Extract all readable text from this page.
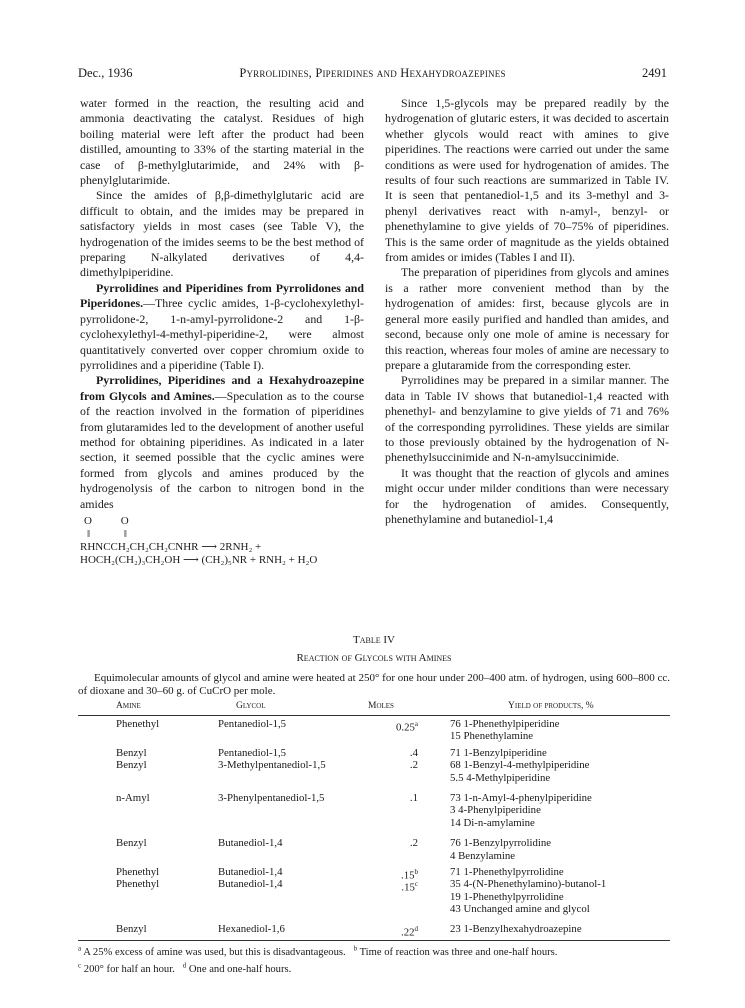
Dec., 1936	Pyrrolidines, Piperidines and Hexahydroazepines	2491

water formed in the reaction, the resulting acid and ammonia deactivating the catalyst. Residues of high boiling material were left after the product had been distilled, amounting to 33% of the starting material in the case of β-methylglutarimide, and 24% with β-phenylglutarimide.

Since the amides of β,β-dimethylglutaric acid are difficult to obtain, and the imides may be prepared in satisfactory yields in most cases (see Table V), the hydrogenation of the imides seems to be the best method of preparing N-alkylated derivatives of 4,4-dimethylpiperidine.

Pyrrolidines and Piperidines from Pyrrolidones and Piperidones.—Three cyclic amides, 1-β-cyclohexylethyl-pyrrolidone-2, 1-n-amyl-pyrrolidone-2 and 1-β-cyclohexylethyl-4-methyl-piperidine-2, were almost quantitatively converted over copper chromium oxide to pyrrolidines and a piperidine (Table I).

Pyrrolidines, Piperidines and a Hexahydroazepine from Glycols and Amines.—Speculation as to the course of the reaction involved in the formation of piperidines from glutaramides led to the development of another useful method for obtaining piperidines. As indicated in a later section, it seemed possible that the cyclic amines were formed from glycols and amines produced by the hydrogenolysis of the carbon to nitrogen bond in the amides

O O
‖ ‖
RHNCCH₂CH₂CH₂CNHR ⟶ 2RNH₂ +
HOCH₂(CH₂)₃CH₂OH ⟶ (CH₂)₅NR + RNH₂ + H₂O

Since 1,5-glycols may be prepared readily by the hydrogenation of glutaric esters, it was decided to ascertain whether glycols would react with amines to give piperidines. The reactions were carried out under the same conditions as were used for hydrogenation of amides. The results of four such reactions are summarized in Table IV. It is seen that pentanediol-1,5 and its 3-methyl and 3-phenyl derivatives react with n-amyl-, benzyl- or phenethylamine to give yields of 70–75% of piperidines. This is the same order of magnitude as the yields obtained from amides or imides (Tables I and II).

The preparation of piperidines from glycols and amines is a rather more convenient method than by the hydrogenation of amides: first, because glycols are in general more easily purified and handled than amides, and second, because only one mole of amine is necessary for this reaction, whereas four moles of amine are necessary to prepare a glutaramide from the corresponding ester.

Pyrrolidines may be prepared in a similar manner. The data in Table IV shows that butanediol-1,4 reacted with phenethyl- and benzylamine to give yields of 71 and 76% of the corresponding pyrrolidines. These yields are similar to those previously obtained by the hydrogenation of N-phenethylsuccinimide and N-n-amylsuccinimide.

It was thought that the reaction of glycols and amines might occur under milder conditions than were necessary for the hydrogenation of amides. Consequently, phenethylamine and butanediol-1,4

Table IV
Reaction of Glycols with Amines
Equimolecular amounts of glycol and amine were heated at 250° for one hour under 200–400 atm. of hydrogen, using 600–800 cc. of dioxane and 30–60 g. of CuCrO per mole.
Amine	Glycol	Moles	Yield of products, %
Phenethyl	Pentanediol-1,5	0.25$^a$	76 1-Phenethylpiperidine
15 Phenethylamine
Benzyl	Pentanediol-1,5	.4	71 1-Benzylpiperidine
Benzyl	3-Methylpentanediol-1,5	.2	68 1-Benzyl-4-methylpiperidine
5.5 4-Methylpiperidine
n-Amyl	3-Phenylpentanediol-1,5	.1	73 1-n-Amyl-4-phenylpiperidine
3 4-Phenylpiperidine
14 Di-n-amylamine
Benzyl	Butanediol-1,4	.2	76 1-Benzylpyrrolidine
4 Benzylamine
Phenethyl	Butanediol-1,4	.15$^b$	71 1-Phenethylpyrrolidine
Phenethyl	Butanediol-1,4	.15$^c$	35 4-(N-Phenethylamino)-butanol-1
19 1-Phenethylpyrrolidine
43 Unchanged amine and glycol
Benzyl	Hexanediol-1,6	.22$^d$	23 1-Benzylhexahydroazepine
$^a$ A 25% excess of amine was used, but this is disadvantageous. $^b$ Time of reaction was three and one-half hours.
$^c$ 200° for half an hour. $^d$ One and one-half hours.
